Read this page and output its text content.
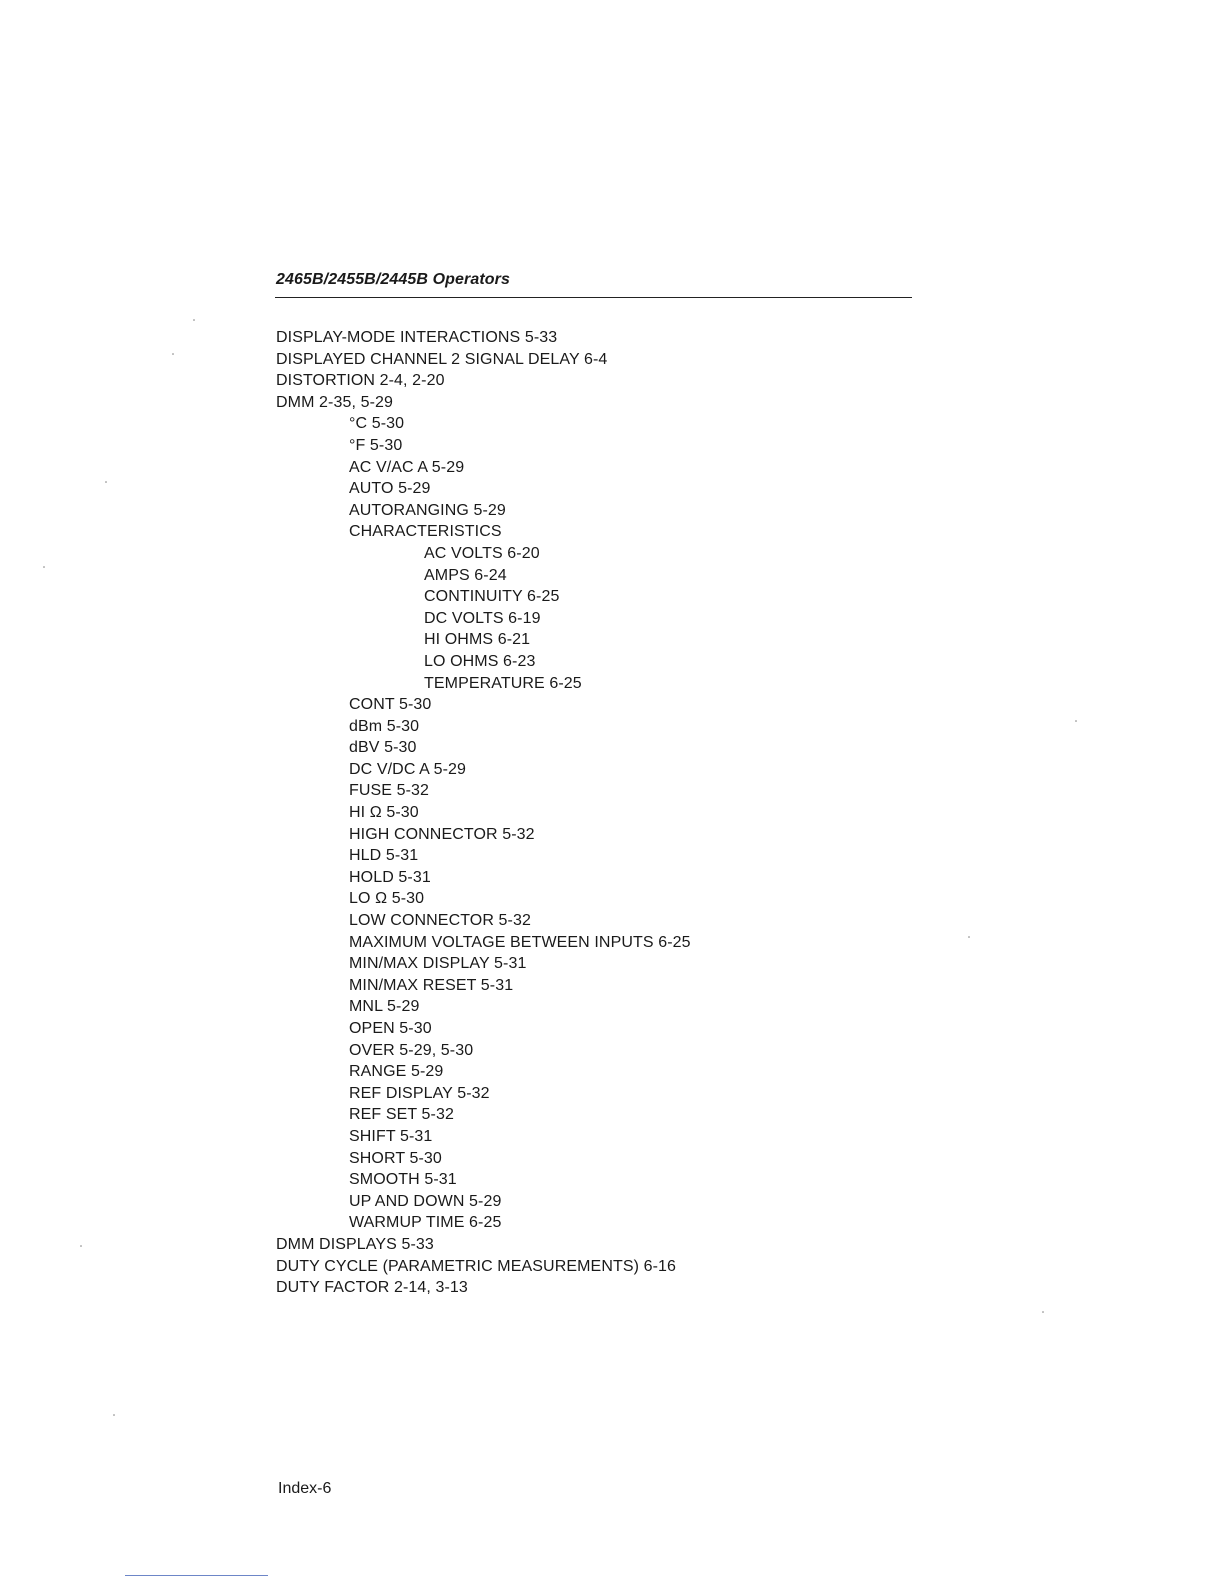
2465B/2455B/2445B Operators
DISPLAY-MODE INTERACTIONS 5-33
DISPLAYED CHANNEL 2 SIGNAL DELAY 6-4
DISTORTION 2-4, 2-20
DMM 2-35, 5-29
°C 5-30
°F 5-30
AC V/AC A 5-29
AUTO 5-29
AUTORANGING 5-29
CHARACTERISTICS
AC VOLTS 6-20
AMPS 6-24
CONTINUITY 6-25
DC VOLTS 6-19
HI OHMS 6-21
LO OHMS 6-23
TEMPERATURE 6-25
CONT 5-30
dBm 5-30
dBV 5-30
DC V/DC A 5-29
FUSE 5-32
HI Ω 5-30
HIGH CONNECTOR 5-32
HLD 5-31
HOLD 5-31
LO Ω 5-30
LOW CONNECTOR 5-32
MAXIMUM VOLTAGE BETWEEN INPUTS 6-25
MIN/MAX DISPLAY 5-31
MIN/MAX RESET 5-31
MNL 5-29
OPEN 5-30
OVER 5-29, 5-30
RANGE 5-29
REF DISPLAY 5-32
REF SET 5-32
SHIFT 5-31
SHORT 5-30
SMOOTH 5-31
UP AND DOWN 5-29
WARMUP TIME 6-25
DMM DISPLAYS 5-33
DUTY CYCLE (PARAMETRIC MEASUREMENTS) 6-16
DUTY FACTOR 2-14, 3-13
Index-6
